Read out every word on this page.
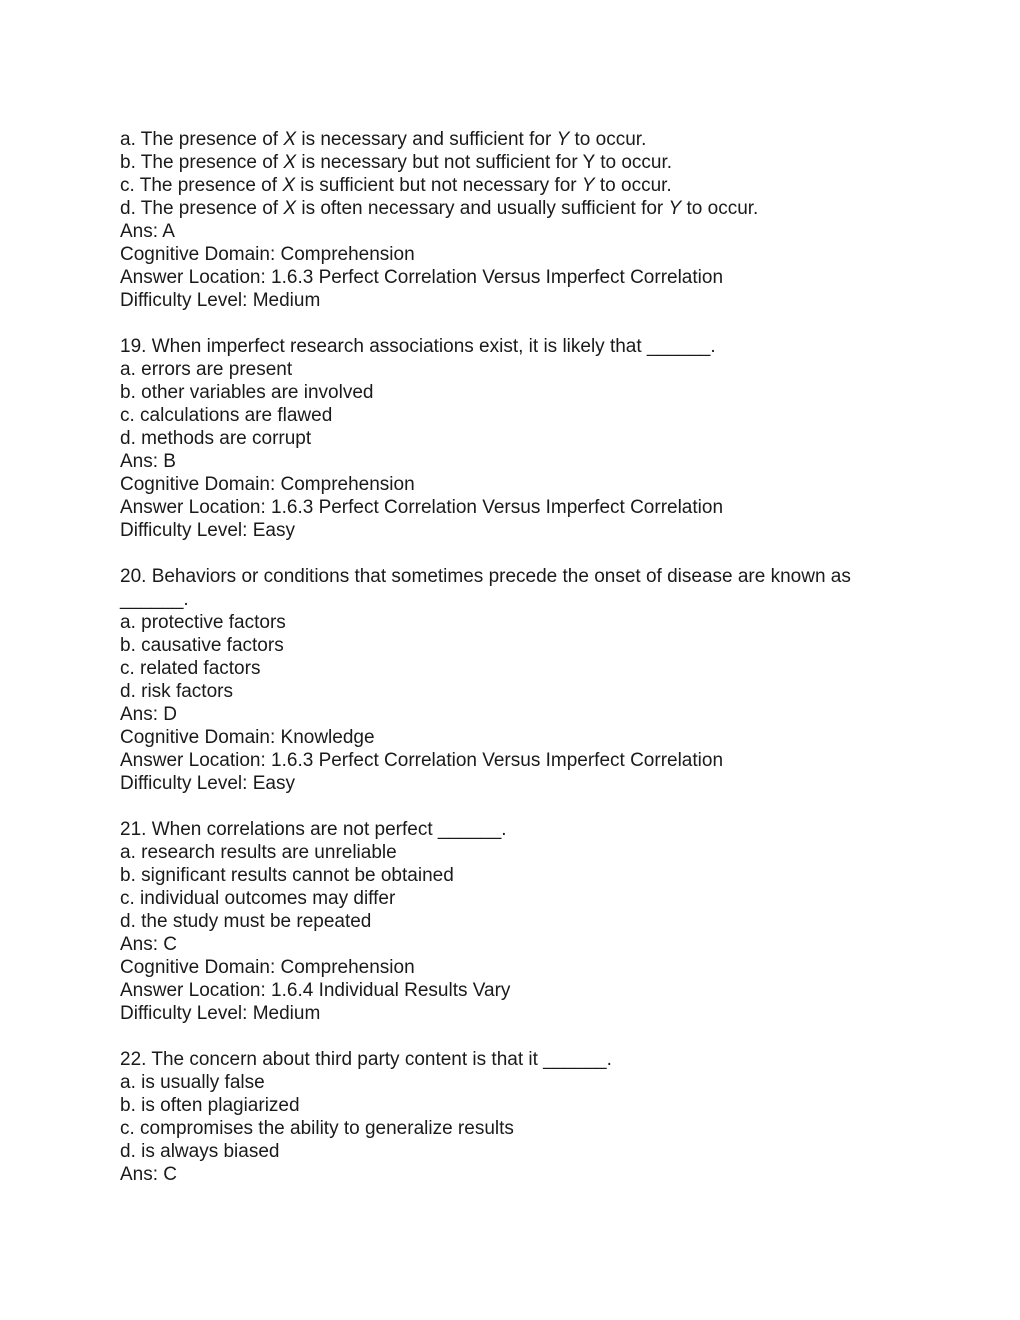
a. The presence of X is necessary and sufficient for Y to occur.
b. The presence of X is necessary but not sufficient for Y to occur.
c. The presence of X is sufficient but not necessary for Y to occur.
d. The presence of X is often necessary and usually sufficient for Y to occur.
Ans: A
Cognitive Domain: Comprehension
Answer Location: 1.6.3 Perfect Correlation Versus Imperfect Correlation
Difficulty Level: Medium
19. When imperfect research associations exist, it is likely that ______.
a. errors are present
b. other variables are involved
c. calculations are flawed
d. methods are corrupt
Ans: B
Cognitive Domain: Comprehension
Answer Location: 1.6.3 Perfect Correlation Versus Imperfect Correlation
Difficulty Level: Easy
20. Behaviors or conditions that sometimes precede the onset of disease are known as ______.
a. protective factors
b. causative factors
c. related factors
d. risk factors
Ans: D
Cognitive Domain: Knowledge
Answer Location: 1.6.3 Perfect Correlation Versus Imperfect Correlation
Difficulty Level: Easy
21. When correlations are not perfect ______.
a. research results are unreliable
b. significant results cannot be obtained
c. individual outcomes may differ
d. the study must be repeated
Ans: C
Cognitive Domain: Comprehension
Answer Location: 1.6.4 Individual Results Vary
Difficulty Level: Medium
22. The concern about third party content is that it ______.
a. is usually false
b. is often plagiarized
c. compromises the ability to generalize results
d. is always biased
Ans: C
